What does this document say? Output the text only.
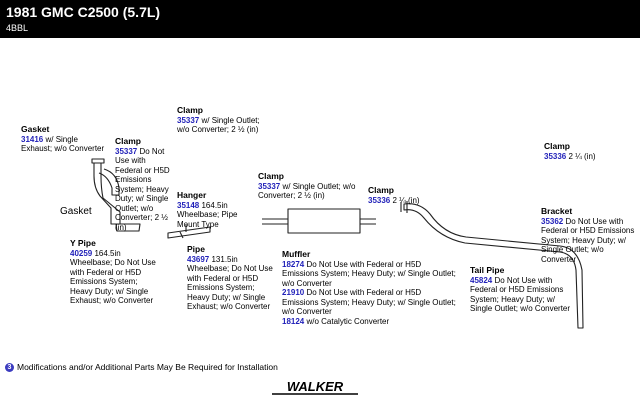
1981 GMC C2500 (5.7L)
4BBL
Gasket
Gasket
31416 w/ Single Exhaust; w/o Converter
Clamp
35337 Do Not Use with Federal or H5D Emissions System; Heavy Duty; w/ Single Outlet; w/o Converter; 2 ½ (in)
Clamp
35337 w/ Single Outlet; w/o Converter; 2 ½ (in)
Hanger
35148 164.5in Wheelbase; Pipe Mount Type
Clamp
35337 w/ Single Outlet; w/o Converter; 2 ½ (in)
Clamp
35336 2 ¼ (in)
Clamp
35336 2 ¼ (in)
Bracket
35362 Do Not Use with Federal or H5D Emissions System; Heavy Duty; w/ Single Outlet; w/o Converter
Y Pipe
40259 164.5in Wheelbase; Do Not Use with Federal or H5D Emissions System; Heavy Duty; w/ Single Exhaust; w/o Converter
Pipe
43697 131.5in Wheelbase; Do Not Use with Federal or H5D Emissions System; Heavy Duty; w/ Single Exhaust; w/o Converter
Muffler
18274 Do Not Use with Federal or H5D Emissions System; Heavy Duty; w/ Single Outlet; w/o Converter
21910 Do Not Use with Federal or H5D Emissions System; Heavy Duty; w/ Single Outlet; w/o Converter
18124 w/o Catalytic Converter
Tail Pipe
45824 Do Not Use with Federal or H5D Emissions System; Heavy Duty; w/ Single Outlet; w/o Converter
3 Modifications and/or Additional Parts May Be Required for Installation
WALKER
